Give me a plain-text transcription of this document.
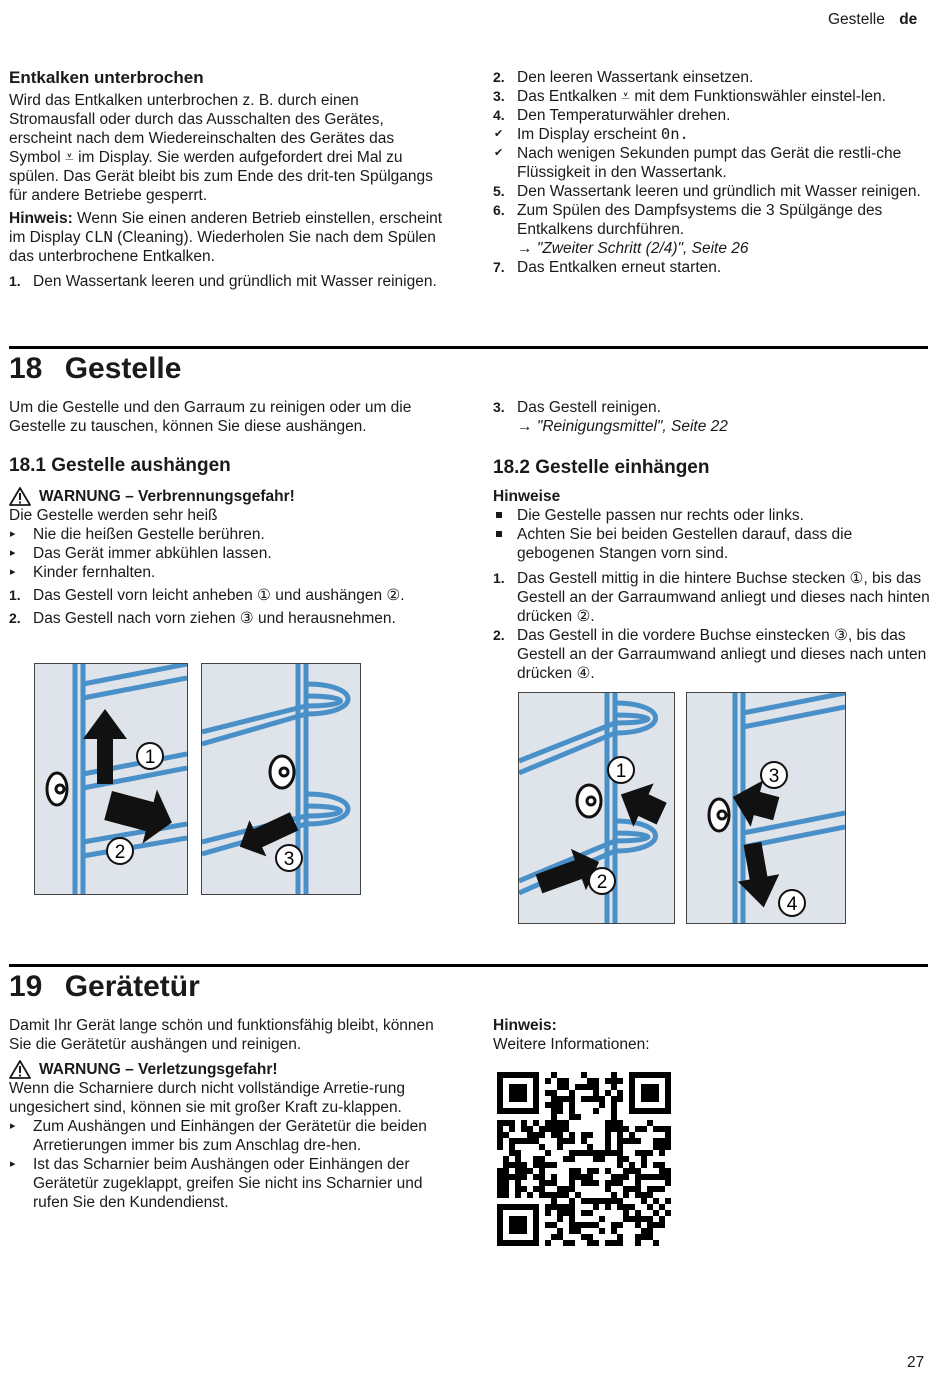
Gestelle de

Entkalken unterbrochen

Wird das Entkalken unterbrochen z. B. durch einen Stromausfall oder durch das Ausschalten des Gerätes, erscheint nach dem Wiedereinschalten des Gerätes das Symbol ⩡ im Display. Sie werden aufgefordert drei Mal zu spülen. Das Gerät bleibt bis zum Ende des drit-ten Spülgangs für andere Betriebe gesperrt.

Hinweis: Wenn Sie einen anderen Betrieb einstellen, erscheint im Display CLN (Cleaning). Wiederholen Sie nach dem Spülen das unterbrochene Entkalken.

1. Den Wassertank leeren und gründlich mit Wasser reinigen.
2. Den leeren Wassertank einsetzen.
3. Das Entkalken ⩡ mit dem Funktionswähler einstel-len.
4. Den Temperaturwähler drehen.
✔ Im Display erscheint 0n.
✔ Nach wenigen Sekunden pumpt das Gerät die restli-che Flüssigkeit in den Wassertank.
5. Den Wassertank leeren und gründlich mit Wasser reinigen.
6. Zum Spülen des Dampfsystems die 3 Spülgänge des Entkalkens durchführen.
→ "Zweiter Schritt (2/4)", Seite 26
7. Das Entkalken erneut starten.
18 Gestelle

Um die Gestelle und den Garraum zu reinigen oder um die Gestelle zu tauschen, können Sie diese aushängen.

18.1 Gestelle aushängen

WARNUNG – Verbrennungsgefahr!

Die Gestelle werden sehr heiß

▸ Nie die heißen Gestelle berühren.
▸ Das Gerät immer abkühlen lassen.
▸ Kinder fernhalten.
1. Das Gestell vorn leicht anheben ① und aushängen ②.
2. Das Gestell nach vorn ziehen ③ und herausnehmen.
3. Das Gestell reinigen.
→ "Reinigungsmittel", Seite 22

18.2 Gestelle einhängen

Hinweise

Die Gestelle passen nur rechts oder links.
Achten Sie bei beiden Gestellen darauf, dass die gebogenen Stangen vorn sind.
1. Das Gestell mittig in die hintere Buchse stecken ①, bis das Gestell an der Garraumwand anliegt und dieses nach hinten drücken ②.
2. Das Gestell in die vordere Buchse einstecken ③, bis das Gestell an der Garraumwand anliegt und dieses nach unten drücken ④.
1
2	3
1
2
3
4
19 Gerätetür

Damit Ihr Gerät lange schön und funktionsfähig bleibt, können Sie die Gerätetür aushängen und reinigen.

WARNUNG – Verletzungsgefahr!

Wenn die Scharniere durch nicht vollständige Arretie-rung ungesichert sind, können sie mit großer Kraft zu-klappen.

▸ Zum Aushängen und Einhängen der Gerätetür die beiden Arretierungen immer bis zum Anschlag dre-hen.
▸ Ist das Scharnier beim Aushängen oder Einhängen der Gerätetür zugeklappt, greifen Sie nicht ins Scharnier und rufen Sie den Kundendienst.

Hinweis:

Weitere Informationen:

27
